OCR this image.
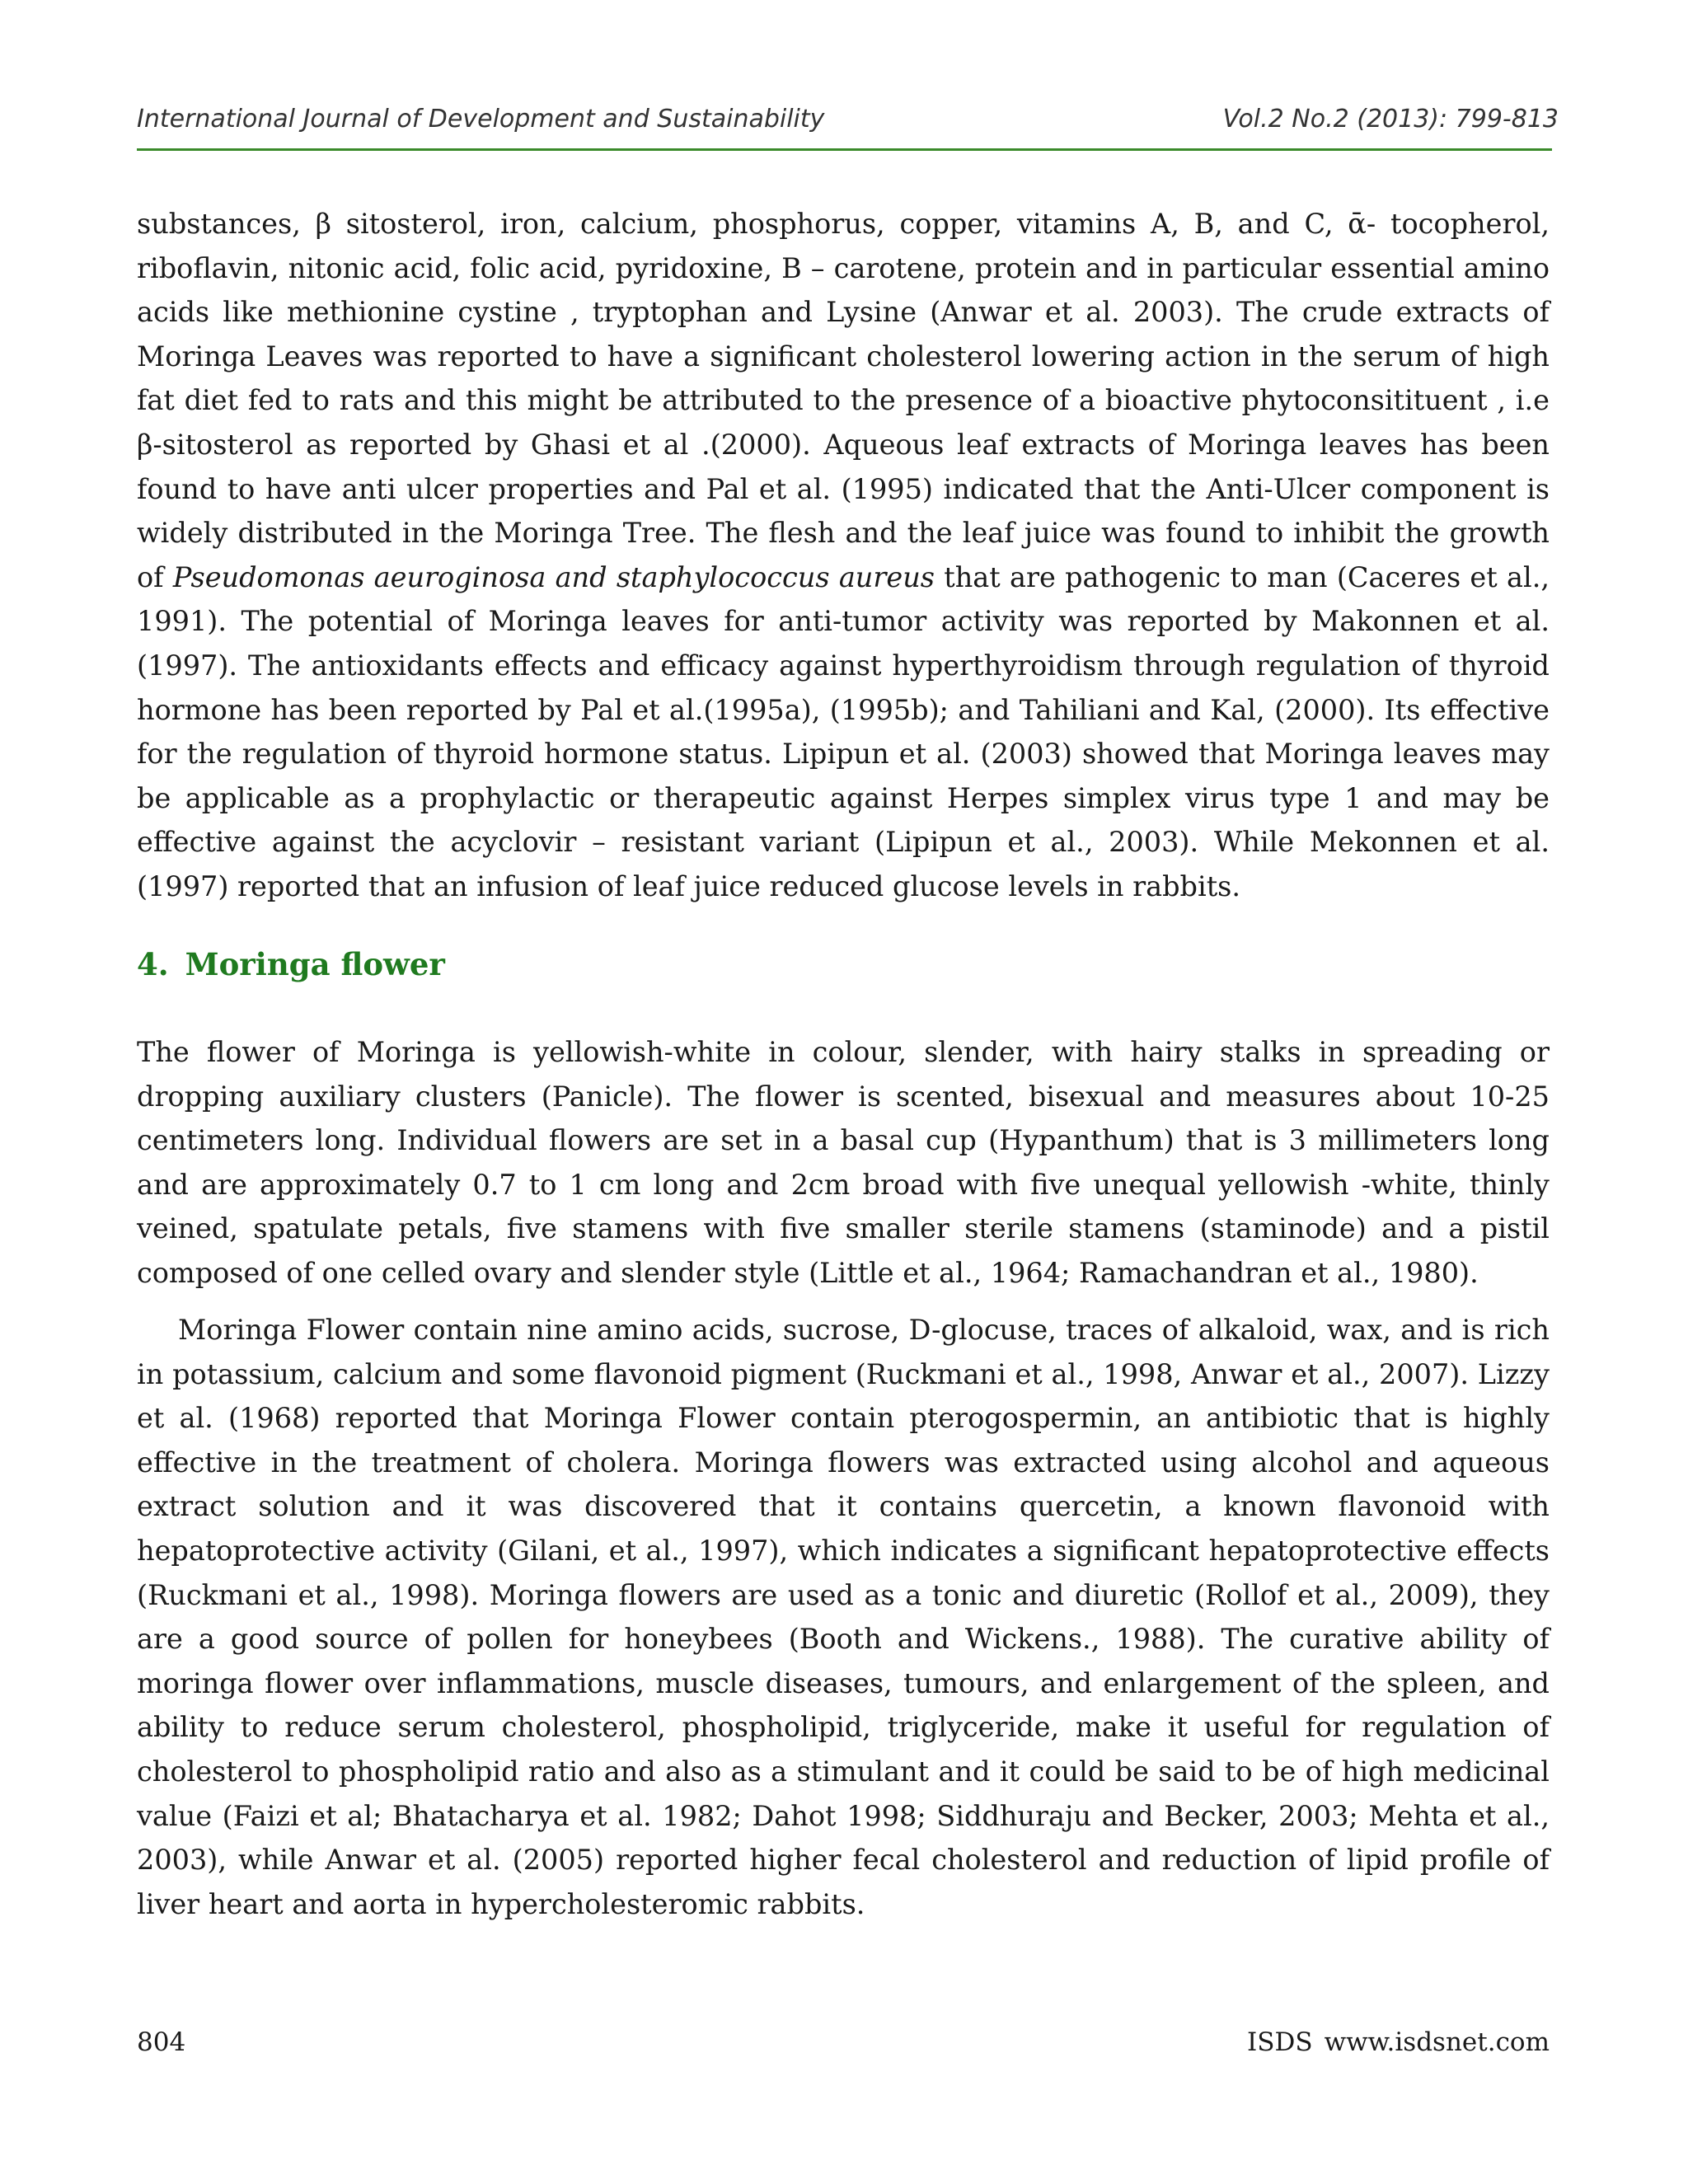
International Journal of Development and Sustainability	Vol.2 No.2 (2013): 799-813

substances, β sitosterol, iron, calcium, phosphorus, copper, vitamins A, B, and C, ᾱ- tocopherol, riboflavin, nitonic acid, folic acid, pyridoxine, B – carotene, protein and in particular essential amino acids like methionine cystine , tryptophan and Lysine (Anwar et al. 2003). The crude extracts of Moringa Leaves was reported to have a significant cholesterol lowering action in the serum of high fat diet fed to rats and this might be attributed to the presence of a bioactive phytoconsitituent , i.e β-sitosterol as reported by Ghasi et al .(2000). Aqueous leaf extracts of Moringa leaves has been found to have anti ulcer properties and Pal et al. (1995) indicated that the Anti-Ulcer component is widely distributed in the Moringa Tree. The flesh and the leaf juice was found to inhibit the growth of Pseudomonas aeuroginosa and staphylococcus aureus that are pathogenic to man (Caceres et al., 1991). The potential of Moringa leaves for anti-tumor activity was reported by Makonnen et al. (1997). The antioxidants effects and efficacy against hyperthyroidism through regulation of thyroid hormone has been reported by Pal et al.(1995a), (1995b); and Tahiliani and Kal, (2000). Its effective for the regulation of thyroid hormone status. Lipipun et al. (2003) showed that Moringa leaves may be applicable as a prophylactic or therapeutic against Herpes simplex virus type 1 and may be effective against the acyclovir – resistant variant (Lipipun et al., 2003). While Mekonnen et al. (1997) reported that an infusion of leaf juice reduced glucose levels in rabbits.

4. Moringa flower

The flower of Moringa is yellowish-white in colour, slender, with hairy stalks in spreading or dropping auxiliary clusters (Panicle). The flower is scented, bisexual and measures about 10-25 centimeters long. Individual flowers are set in a basal cup (Hypanthum) that is 3 millimeters long and are approximately 0.7 to 1 cm long and 2cm broad with five unequal yellowish -white, thinly veined, spatulate petals, five stamens with five smaller sterile stamens (staminode) and a pistil composed of one celled ovary and slender style (Little et al., 1964; Ramachandran et al., 1980).

Moringa Flower contain nine amino acids, sucrose, D-glocuse, traces of alkaloid, wax, and is rich in potassium, calcium and some flavonoid pigment (Ruckmani et al., 1998, Anwar et al., 2007). Lizzy et al. (1968) reported that Moringa Flower contain pterogospermin, an antibiotic that is highly effective in the treatment of cholera. Moringa flowers was extracted using alcohol and aqueous extract solution and it was discovered that it contains quercetin, a known flavonoid with hepatoprotective activity (Gilani, et al., 1997), which indicates a significant hepatoprotective effects (Ruckmani et al., 1998). Moringa flowers are used as a tonic and diuretic (Rollof et al., 2009), they are a good source of pollen for honeybees (Booth and Wickens., 1988). The curative ability of moringa flower over inflammations, muscle diseases, tumours, and enlargement of the spleen, and ability to reduce serum cholesterol, phospholipid, triglyceride, make it useful for regulation of cholesterol to phospholipid ratio and also as a stimulant and it could be said to be of high medicinal value (Faizi et al; Bhatacharya et al. 1982; Dahot 1998; Siddhuraju and Becker, 2003; Mehta et al., 2003), while Anwar et al. (2005) reported higher fecal cholesterol and reduction of lipid profile of liver heart and aorta in hypercholesteromic rabbits.

804	ISDS www.isdsnet.com
